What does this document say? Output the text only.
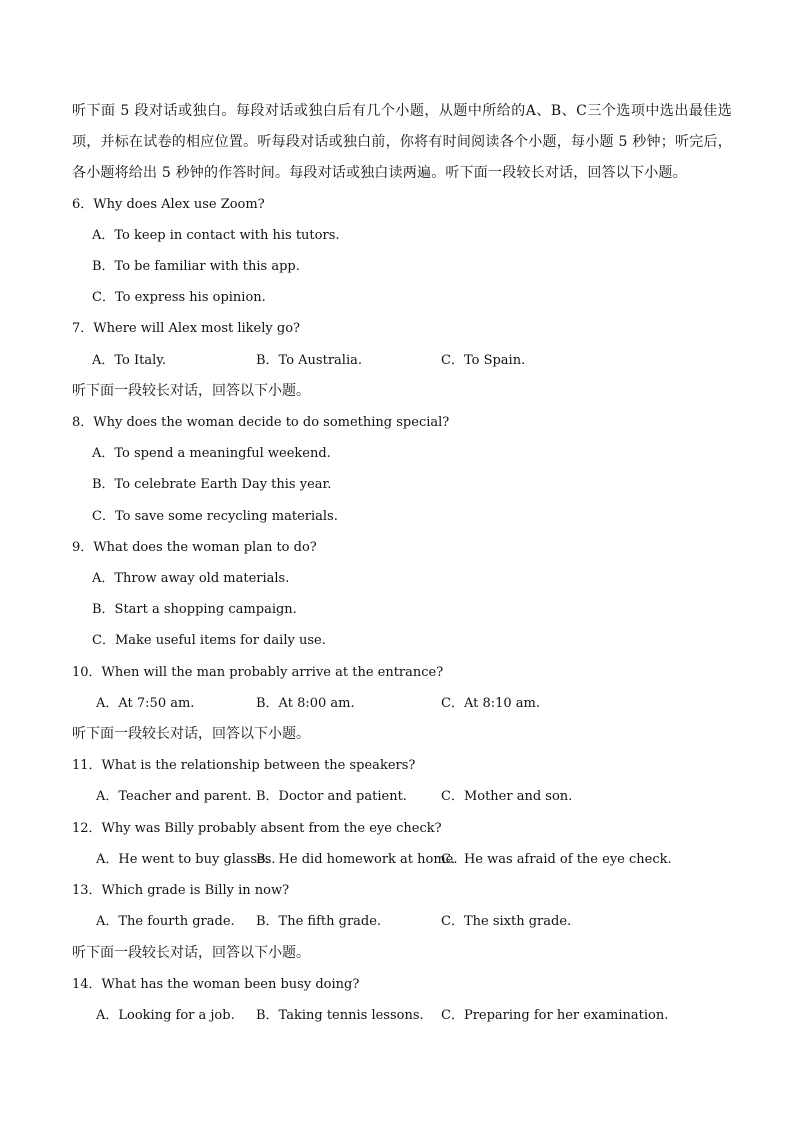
听下面 5 段对话或独白。每段对话或独白后有几个小题，从题中所给的A、B、C三个选项中选出最佳选项，并标在试卷的相应位置。听每段对话或独白前，你将有时间阅读各个小题，每小题 5 秒钟；听完后，各小题将给出 5 秒钟的作答时间。每段对话或独白读两遍。听下面一段较长对话，回答以下小题。
6．Why does Alex use Zoom?
A．To keep in contact with his tutors.
B．To be familiar with this app.
C．To express his opinion.
7．Where will Alex most likely go?
A．To Italy.	B．To Australia.	C．To Spain.
听下面一段较长对话，回答以下小题。
8．Why does the woman decide to do something special?
A．To spend a meaningful weekend.
B．To celebrate Earth Day this year.
C．To save some recycling materials.
9．What does the woman plan to do?
A．Throw away old materials.
B．Start a shopping campaign.
C．Make useful items for daily use.
10．When will the man probably arrive at the entrance?
A．At 7:50 am.	B．At 8:00 am.	C．At 8:10 am.
听下面一段较长对话，回答以下小题。
11．What is the relationship between the speakers?
A．Teacher and parent. B．Doctor and patient.	C．Mother and son.
12．Why was Billy probably absent from the eye check?
A．He went to buy glasses.
B．He did homework at home.
C．He was afraid of the eye check.
13．Which grade is Billy in now?
A．The fourth grade. B．The fifth grade.	C．The sixth grade.
听下面一段较长对话，回答以下小题。
14．What has the woman been busy doing?
A．Looking for a job. B．Taking tennis lessons. C．Preparing for her examination.
